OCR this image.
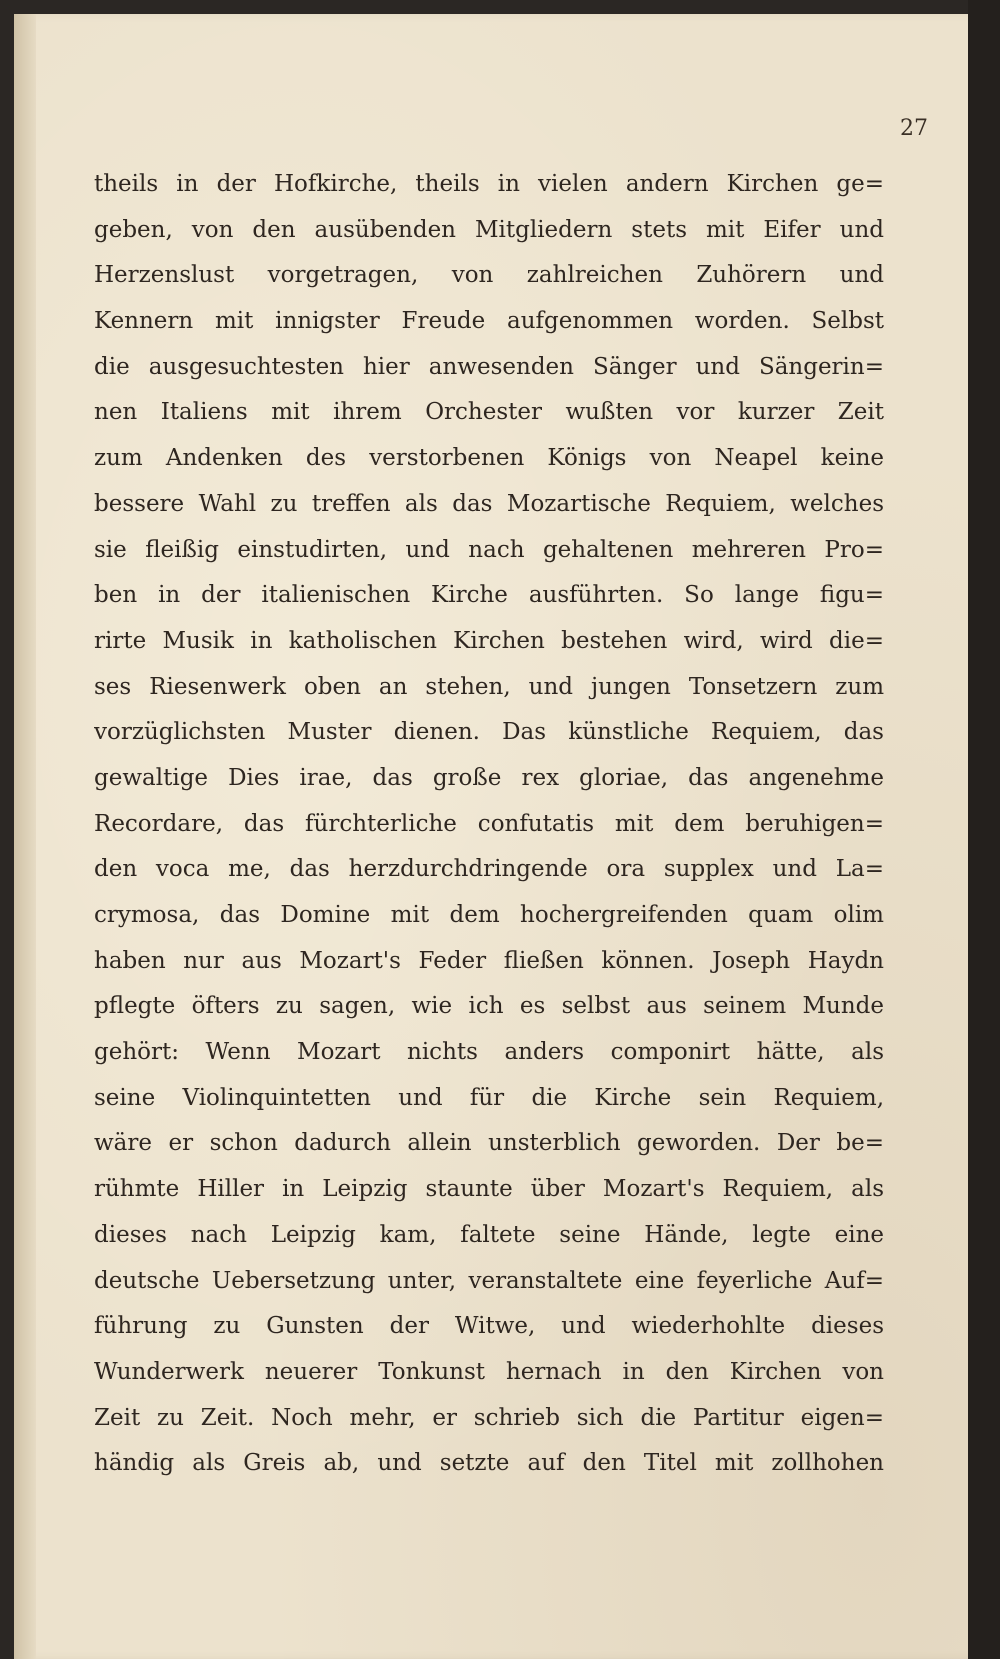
27
theils in der Hofkirche, theils in vielen andern Kirchen ge=
geben, von den ausübenden Mitgliedern stets mit Eifer und
Herzenslust vorgetragen, von zahlreichen Zuhörern und
Kennern mit innigster Freude aufgenommen worden. Selbst
die ausgesuchtesten hier anwesenden Sänger und Sängerin=
nen Italiens mit ihrem Orchester wußten vor kurzer Zeit
zum Andenken des verstorbenen Königs von Neapel keine
bessere Wahl zu treffen als das Mozartische Requiem, welches
sie fleißig einstudirten, und nach gehaltenen mehreren Pro=
ben in der italienischen Kirche ausführten. So lange figu=
rirte Musik in katholischen Kirchen bestehen wird, wird die=
ses Riesenwerk oben an stehen, und jungen Tonsetzern zum
vorzüglichsten Muster dienen. Das künstliche Requiem, das
gewaltige Dies irae, das große rex gloriae, das angenehme
Recordare, das fürchterliche confutatis mit dem beruhigen=
den voca me, das herzdurchdringende ora supplex und La=
crymosa, das Domine mit dem hochergreifenden quam olim
haben nur aus Mozart's Feder fließen können. Joseph Haydn
pflegte öfters zu sagen, wie ich es selbst aus seinem Munde
gehört: Wenn Mozart nichts anders componirt hätte, als
seine Violinquintetten und für die Kirche sein Requiem,
wäre er schon dadurch allein unsterblich geworden. Der be=
rühmte Hiller in Leipzig staunte über Mozart's Requiem, als
dieses nach Leipzig kam, faltete seine Hände, legte eine
deutsche Uebersetzung unter, veranstaltete eine feyerliche Auf=
führung zu Gunsten der Witwe, und wiederhohlte dieses
Wunderwerk neuerer Tonkunst hernach in den Kirchen von
Zeit zu Zeit. Noch mehr, er schrieb sich die Partitur eigen=
händig als Greis ab, und setzte auf den Titel mit zollhohen
